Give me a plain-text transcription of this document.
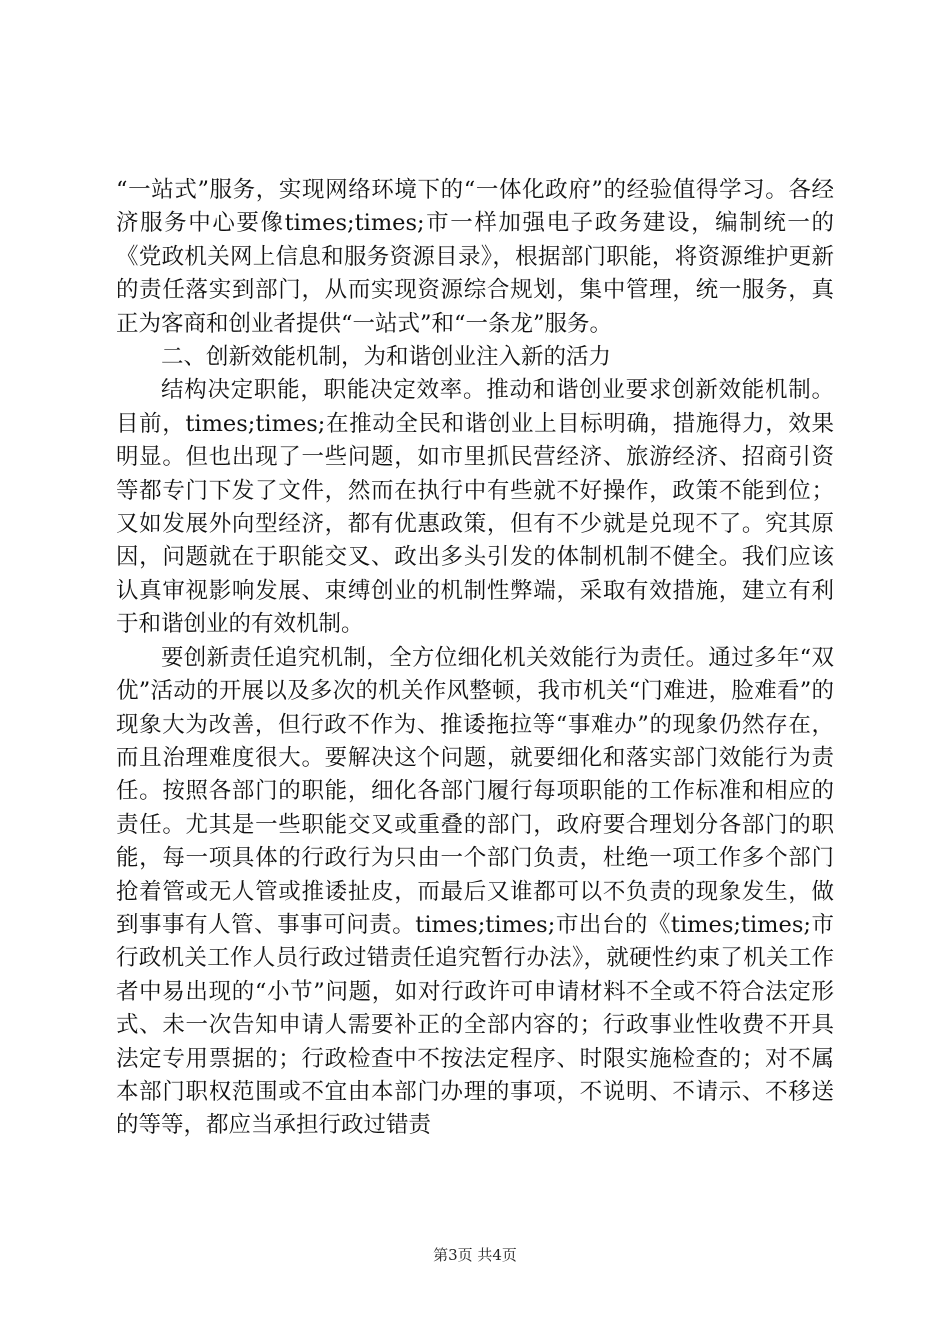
“一站式”服务，实现网络环境下的“一体化政府”的经验值得学习。各经济服务中心要像times;times;市一样加强电子政务建设，编制统一的《党政机关网上信息和服务资源目录》，根据部门职能，将资源维护更新的责任落实到部门，从而实现资源综合规划，集中管理，统一服务，真正为客商和创业者提供“一站式”和“一条龙”服务。

二、创新效能机制，为和谐创业注入新的活力

结构决定职能，职能决定效率。推动和谐创业要求创新效能机制。目前，times;times;在推动全民和谐创业上目标明确，措施得力，效果明显。但也出现了一些问题，如市里抓民营经济、旅游经济、招商引资等都专门下发了文件，然而在执行中有些就不好操作，政策不能到位；又如发展外向型经济，都有优惠政策，但有不少就是兑现不了。究其原因，问题就在于职能交叉、政出多头引发的体制机制不健全。我们应该认真审视影响发展、束缚创业的机制性弊端，采取有效措施，建立有利于和谐创业的有效机制。

要创新责任追究机制，全方位细化机关效能行为责任。通过多年“双优”活动的开展以及多次的机关作风整顿，我市机关“门难进，脸难看”的现象大为改善，但行政不作为、推诿拖拉等“事难办”的现象仍然存在，而且治理难度很大。要解决这个问题，就要细化和落实部门效能行为责任。按照各部门的职能，细化各部门履行每项职能的工作标准和相应的责任。尤其是一些职能交叉或重叠的部门，政府要合理划分各部门的职能，每一项具体的行政行为只由一个部门负责，杜绝一项工作多个部门抢着管或无人管或推诿扯皮，而最后又谁都可以不负责的现象发生，做到事事有人管、事事可问责。times;times;市出台的《times;times;市行政机关工作人员行政过错责任追究暂行办法》，就硬性约束了机关工作者中易出现的“小节”问题，如对行政许可申请材料不全或不符合法定形式、未一次告知申请人需要补正的全部内容的；行政事业性收费不开具法定专用票据的；行政检查中不按法定程序、时限实施检查的；对不属本部门职权范围或不宜由本部门办理的事项，不说明、不请示、不移送的等等，都应当承担行政过错责

第3页 共4页
